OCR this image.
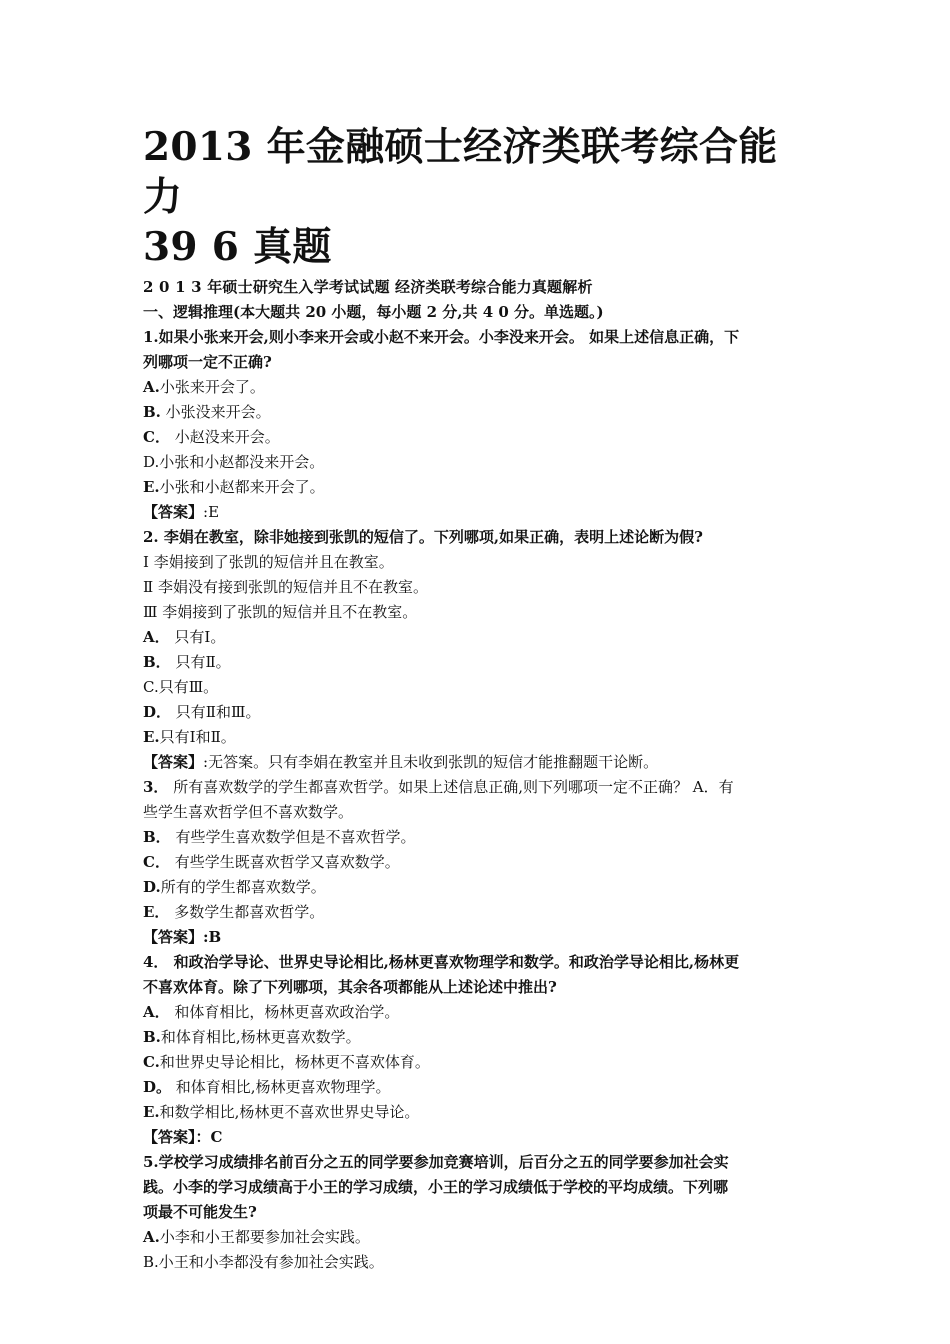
2013 年金融硕士经济类联考综合能力
39 6 真题

2 0 1 3 年硕士研究生入学考试试题 经济类联考综合能力真题解析

一、逻辑推理(本大题共 20 小题，每小题 2 分,共 4 0 分。单选题。)

1.如果小张来开会,则小李来开会或小赵不来开会。小李没来开会。 如果上述信息正确，下

列哪项一定不正确?

A.小张来开会了。

B. 小张没来开会。

C． 小赵没来开会。

D.小张和小赵都没来开会。

E.小张和小赵都来开会了。

【答案】:E

2. 李娟在教室，除非她接到张凯的短信了。下列哪项,如果正确，表明上述论断为假?

Ⅰ 李娟接到了张凯的短信并且在教室。

Ⅱ 李娟没有接到张凯的短信并且不在教室。

Ⅲ 李娟接到了张凯的短信并且不在教室。

A． 只有Ⅰ。

B． 只有Ⅱ。

C.只有Ⅲ。

D． 只有Ⅱ和Ⅲ。

E.只有Ⅰ和Ⅱ。

【答案】:无答案。只有李娟在教室并且未收到张凯的短信才能推翻题干论断。

3． 所有喜欢数学的学生都喜欢哲学。如果上述信息正确,则下列哪项一定不正确？ A．有

些学生喜欢哲学但不喜欢数学。

B． 有些学生喜欢数学但是不喜欢哲学。

C． 有些学生既喜欢哲学又喜欢数学。

D.所有的学生都喜欢数学。

E． 多数学生都喜欢哲学。

【答案】:B

4． 和政治学导论、世界史导论相比,杨林更喜欢物理学和数学。和政治学导论相比,杨林更

不喜欢体育。除了下列哪项，其余各项都能从上述论述中推出?

A． 和体育相比，杨林更喜欢政治学。

B.和体育相比,杨林更喜欢数学。

C.和世界史导论相比，杨林更不喜欢体育。

D。 和体育相比,杨林更喜欢物理学。

E.和数学相比,杨林更不喜欢世界史导论。

【答案】：C

5.学校学习成绩排名前百分之五的同学要参加竞赛培训，后百分之五的同学要参加社会实

践。小李的学习成绩高于小王的学习成绩，小王的学习成绩低于学校的平均成绩。下列哪

项最不可能发生?

A.小李和小王都要参加社会实践。

B.小王和小李都没有参加社会实践。
